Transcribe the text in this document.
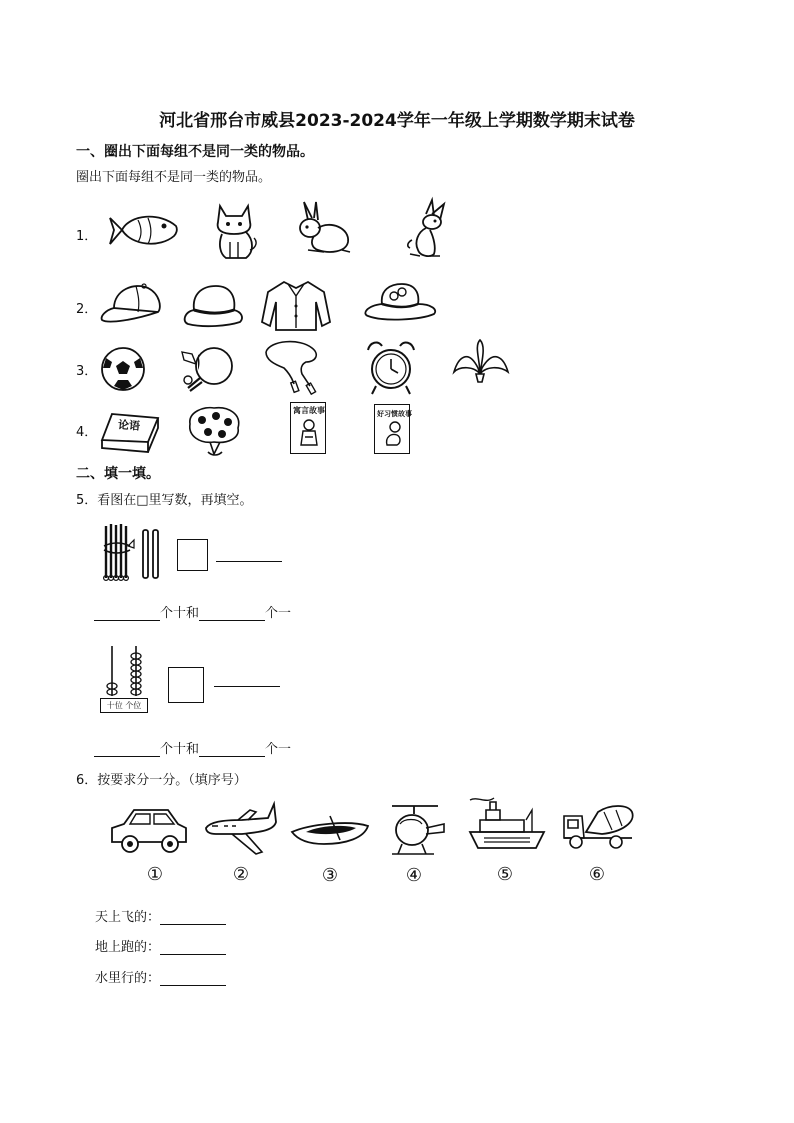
河北省邢台市威县2023-2024学年一年级上学期数学期末试卷
一、圈出下面每组不是同一类的物品。
圈出下面每组不是同一类的物品。
1．
2．
3．
4． 论语
寓言故事	好习惯故事
二、填一填。
5．看图在□里写数，再填空。
个十和	个一
十位 个位
个十和	个一
6．按要求分一分。（填序号）
①	②	③	④	⑤	⑥
天上飞的：
地上跑的：
水里行的：
